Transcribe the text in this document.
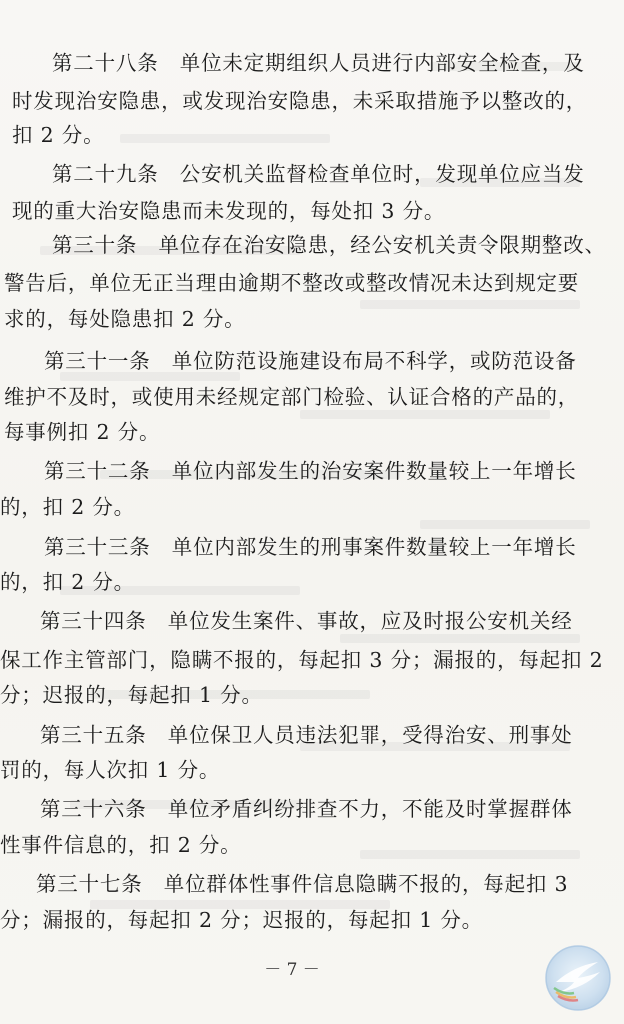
第二十八条　单位未定期组织人员进行内部安全检查，及
时发现治安隐患，或发现治安隐患，未采取措施予以整改的，
扣 2 分。
第二十九条　公安机关监督检查单位时，发现单位应当发
现的重大治安隐患而未发现的，每处扣 3 分。
第三十条　单位存在治安隐患，经公安机关责令限期整改、
警告后，单位无正当理由逾期不整改或整改情况未达到规定要
求的，每处隐患扣 2 分。
第三十一条　单位防范设施建设布局不科学，或防范设备
维护不及时，或使用未经规定部门检验、认证合格的产品的，
每事例扣 2 分。
第三十二条　单位内部发生的治安案件数量较上一年增长
的，扣 2 分。
第三十三条　单位内部发生的刑事案件数量较上一年增长
的，扣 2 分。
第三十四条　单位发生案件、事故，应及时报公安机关经
保工作主管部门，隐瞒不报的，每起扣 3 分；漏报的，每起扣 2
分；迟报的，每起扣 1 分。
第三十五条　单位保卫人员违法犯罪，受得治安、刑事处
罚的，每人次扣 1 分。
第三十六条　单位矛盾纠纷排查不力，不能及时掌握群体
性事件信息的，扣 2 分。
第三十七条　单位群体性事件信息隐瞒不报的，每起扣 3
分；漏报的，每起扣 2 分；迟报的，每起扣 1 分。
－ 7 －
